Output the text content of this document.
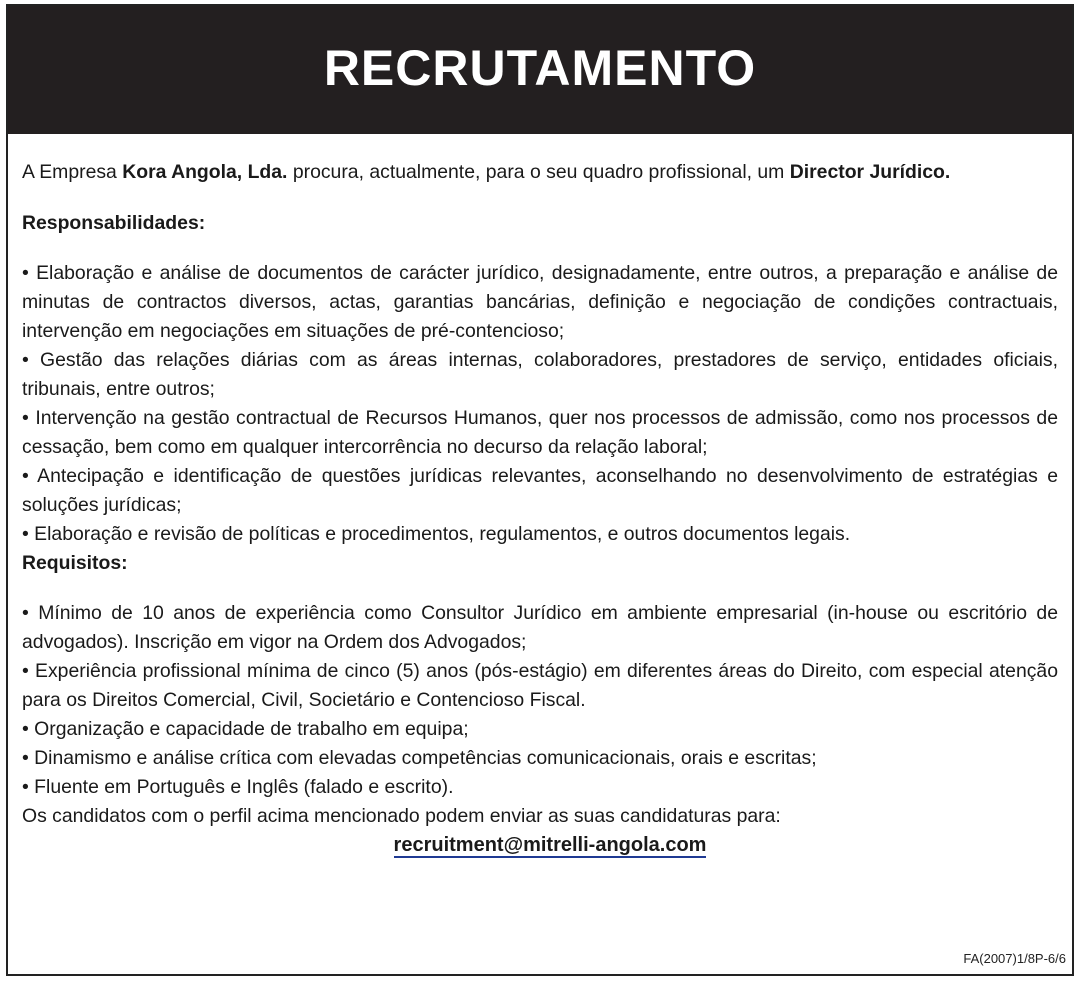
RECRUTAMENTO

A Empresa Kora Angola, Lda. procura, actualmente, para o seu quadro profissional, um Director Jurídico.

Responsabilidades:

• Elaboração e análise de documentos de carácter jurídico, designadamente, entre outros, a preparação e análise de minutas de contractos diversos, actas, garantias bancárias, definição e negociação de condições contractuais, intervenção em negociações em situações de pré-contencioso;
• Gestão das relações diárias com as áreas internas, colaboradores, prestadores de serviço, entidades oficiais, tribunais, entre outros;
• Intervenção na gestão contractual de Recursos Humanos, quer nos processos de admissão, como nos processos de cessação, bem como em qualquer intercorrência no decurso da relação laboral;
• Antecipação e identificação de questões jurídicas relevantes, aconselhando no desenvolvimento de estratégias e soluções jurídicas;
• Elaboração e revisão de políticas e procedimentos, regulamentos, e outros documentos legais.

Requisitos:

• Mínimo de 10 anos de experiência como Consultor Jurídico em ambiente empresarial (in-house ou escritório de advogados). Inscrição em vigor na Ordem dos Advogados;
• Experiência profissional mínima de cinco (5) anos (pós-estágio) em diferentes áreas do Direito, com especial atenção para os Direitos Comercial, Civil, Societário e Contencioso Fiscal.
• Organização e capacidade de trabalho em equipa;
• Dinamismo e análise crítica com elevadas competências comunicacionais, orais e escritas;
• Fluente em Português e Inglês (falado e escrito).

Os candidatos com o perfil acima mencionado podem enviar as suas candidaturas para:

recruitment@mitrelli-angola.com
FA(2007)1/8P-6/6
